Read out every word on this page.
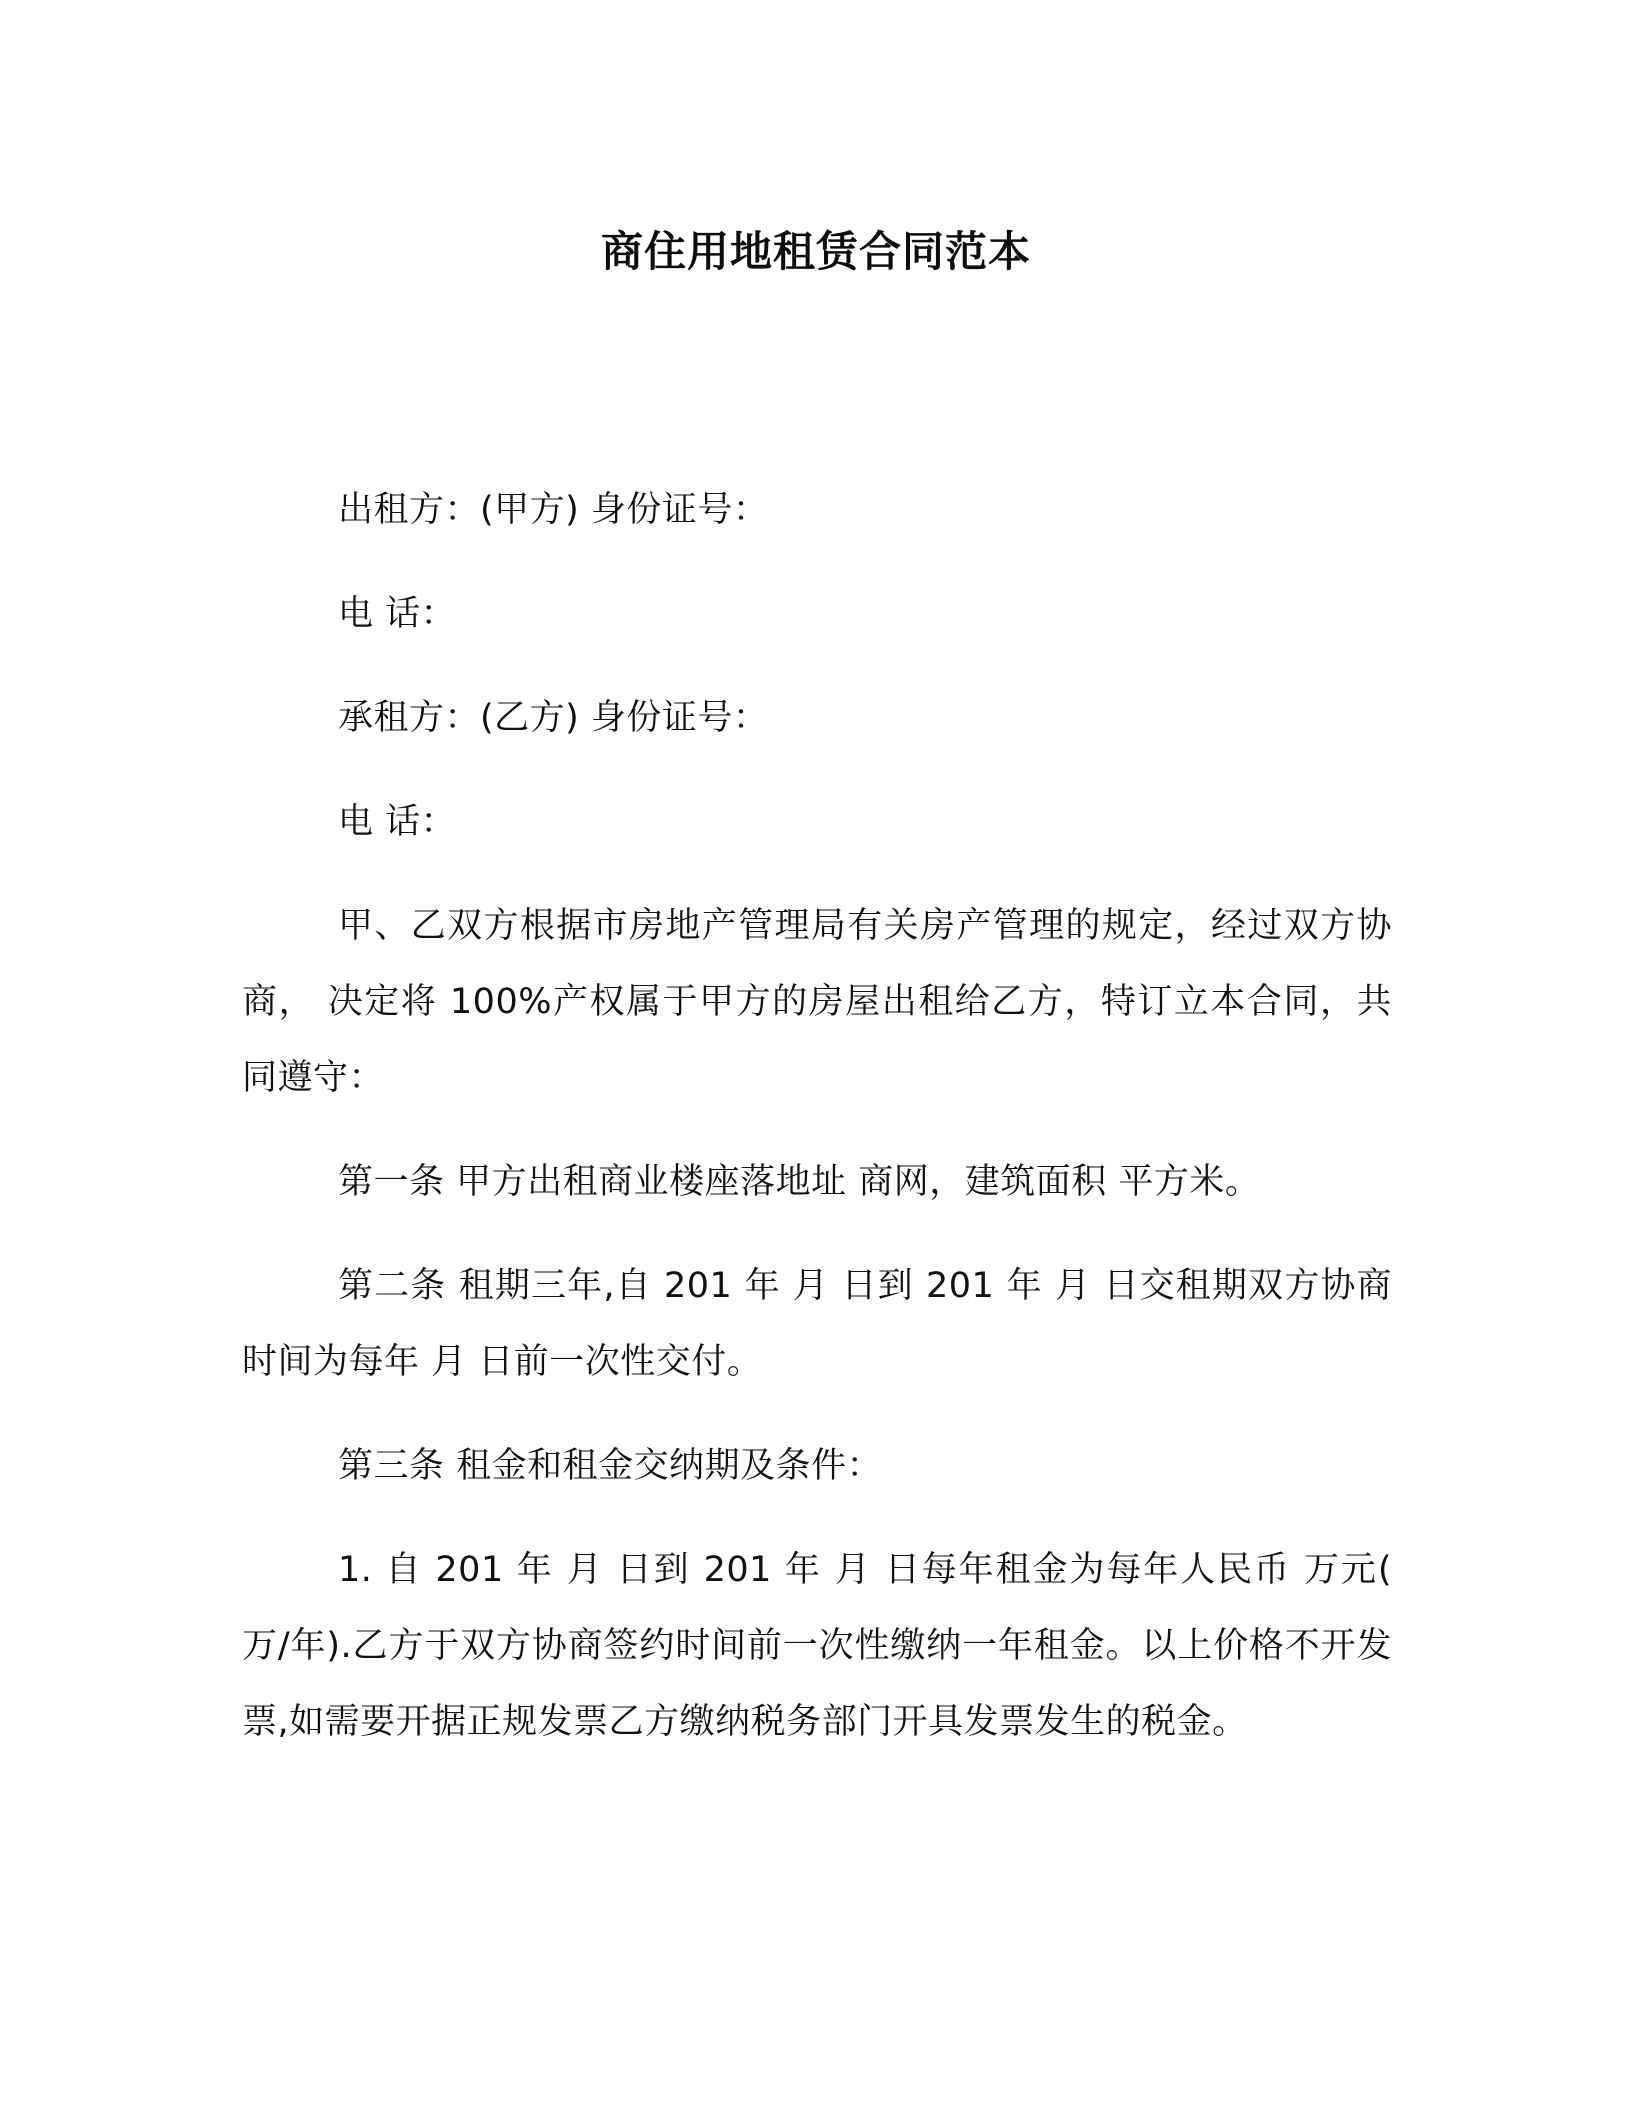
商住用地租赁合同范本

出租方：(甲方) 身份证号：

电 话：

承租方：(乙方) 身份证号：

电 话：

甲、乙双方根据市房地产管理局有关房产管理的规定，经过双方协商， 决定将 100%产权属于甲方的房屋出租给乙方，特订立本合同，共同遵守：

第一条 甲方出租商业楼座落地址 商网，建筑面积 平方米。

第二条 租期三年,自 201 年 月 日到 201 年 月 日交租期双方协商时间为每年 月 日前一次性交付。

第三条 租金和租金交纳期及条件：

1. 自 201 年 月 日到 201 年 月 日每年租金为每年人民币 万元( 万/年).乙方于双方协商签约时间前一次性缴纳一年租金。以上价格不开发票,如需要开据正规发票乙方缴纳税务部门开具发票发生的税金。
